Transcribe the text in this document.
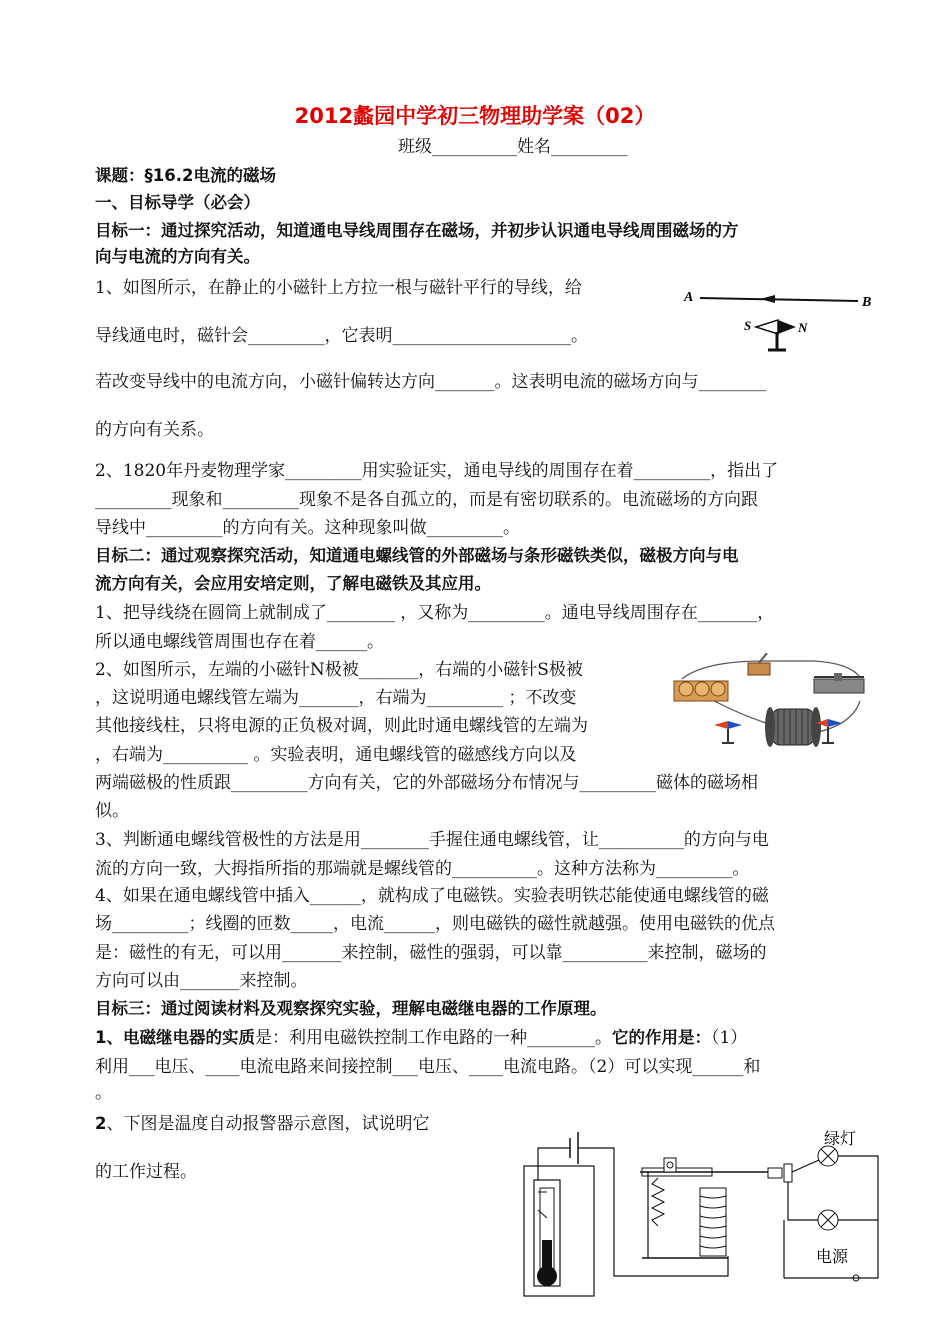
2012蠡园中学初三物理助学案（02）
班级__________姓名_________
课题：§16.2电流的磁场
一、目标导学（必会）
目标一：通过探究活动，知道通电导线周围存在磁场，并初步认识通电导线周围磁场的方
向与电流的方向有关。
1、如图所示，在静止的小磁针上方拉一根与磁针平行的导线，给
导线通电时，磁针会_________，它表明_____________________。
若改变导线中的电流方向，小磁针偏转达方向_______。这表明电流的磁场方向与________
的方向有关系。
2、1820年丹麦物理学家_________用实验证实，通电导线的周围存在着_________，指出了
_________现象和_________现象不是各自孤立的，而是有密切联系的。电流磁场的方向跟
导线中_________的方向有关。这种现象叫做_________。
A	B
S	N
目标二：通过观察探究活动，知道通电螺线管的外部磁场与条形磁铁类似，磁极方向与电
流方向有关，会应用安培定则，了解电磁铁及其应用。
1、把导线绕在圆筒上就制成了________ ，又称为_________。通电导线周围存在_______，
所以通电螺线管周围也存在着______。
2、如图所示，左端的小磁针N极被_______，右端的小磁针S极被
，这说明通电螺线管左端为_______，右端为_________ ；不改变
其他接线柱，只将电源的正负极对调，则此时通电螺线管的左端为
，右端为__________ 。实验表明，通电螺线管的磁感线方向以及
两端磁极的性质跟_________方向有关，它的外部磁场分布情况与_________磁体的磁场相
似。
3、判断通电螺线管极性的方法是用________手握住通电螺线管，让__________的方向与电
流的方向一致，大拇指所指的那端就是螺线管的__________。这种方法称为_________。
4、如果在通电螺线管中插入______，就构成了电磁铁。实验表明铁芯能使通电螺线管的磁
场_________；线圈的匝数_____，电流______，则电磁铁的磁性就越强。使用电磁铁的优点
是：磁性的有无，可以用_______来控制，磁性的强弱，可以靠__________来控制，磁场的
方向可以由_______来控制。
目标三：通过阅读材料及观察探究实验，理解电磁继电器的工作原理。
1、电磁继电器的实质是：利用电磁铁控制工作电路的一种________。它的作用是：（1）
利用___电压、____电流电路来间接控制___电压、____电流电路。（2）可以实现______和
。
2、下图是温度自动报警器示意图，试说明它
的工作过程。
绿灯
电源
